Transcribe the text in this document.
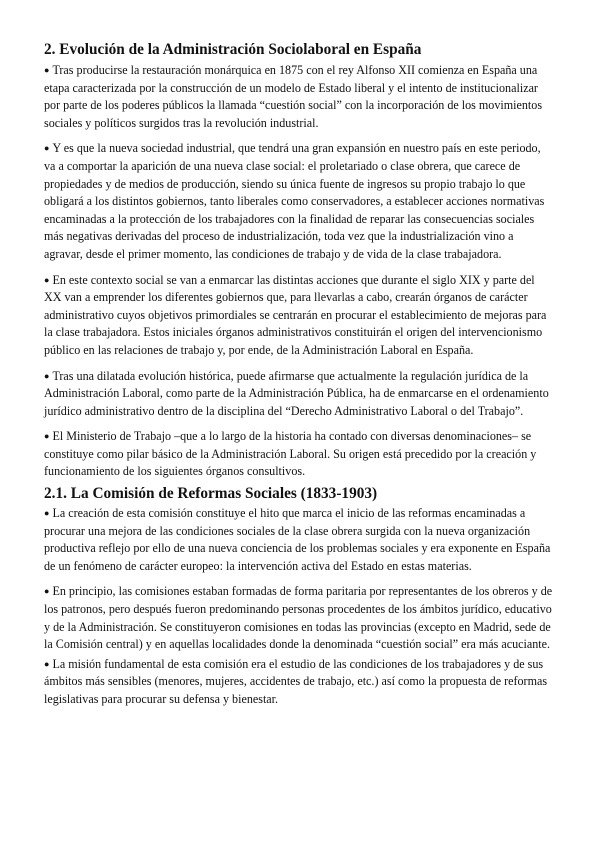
2. Evolución de la Administración Sociolaboral en España

● Tras producirse la restauración monárquica en 1875 con el rey Alfonso XII comienza en España una etapa caracterizada por la construcción de un modelo de Estado liberal y el intento de institucionalizar por parte de los poderes públicos la llamada “cuestión social” con la incorporación de los movimientos sociales y políticos surgidos tras la revolución industrial.

● Y es que la nueva sociedad industrial, que tendrá una gran expansión en nuestro país en este periodo, va a comportar la aparición de una nueva clase social: el proletariado o clase obrera, que carece de propiedades y de medios de producción, siendo su única fuente de ingresos su propio trabajo lo que obligará a los distintos gobiernos, tanto liberales como conservadores, a establecer acciones normativas encaminadas a la protección de los trabajadores con la finalidad de reparar las consecuencias sociales más negativas derivadas del proceso de industrialización, toda vez que la industrialización vino a agravar, desde el primer momento, las condiciones de trabajo y de vida de la clase trabajadora.

● En este contexto social se van a enmarcar las distintas acciones que durante el siglo XIX y parte del XX van a emprender los diferentes gobiernos que, para llevarlas a cabo, crearán órganos de carácter administrativo cuyos objetivos primordiales se centrarán en procurar el establecimiento de mejoras para la clase trabajadora. Estos iniciales órganos administrativos constituirán el origen del intervencionismo público en las relaciones de trabajo y, por ende, de la Administración Laboral en España.

● Tras una dilatada evolución histórica, puede afirmarse que actualmente la regulación jurídica de la Administración Laboral, como parte de la Administración Pública, ha de enmarcarse en el ordenamiento jurídico administrativo dentro de la disciplina del “Derecho Administrativo Laboral o del Trabajo”.

● El Ministerio de Trabajo –que a lo largo de la historia ha contado con diversas denominaciones– se constituye como pilar básico de la Administración Laboral. Su origen está precedido por la creación y funcionamiento de los siguientes órganos consultivos.

2.1. La Comisión de Reformas Sociales (1833-1903)

● La creación de esta comisión constituye el hito que marca el inicio de las reformas encaminadas a procurar una mejora de las condiciones sociales de la clase obrera surgida con la nueva organización productiva reflejo por ello de una nueva conciencia de los problemas sociales y era exponente en España de un fenómeno de carácter europeo: la intervención activa del Estado en estas materias.

● En principio, las comisiones estaban formadas de forma paritaria por representantes de los obreros y de los patronos, pero después fueron predominando personas procedentes de los ámbitos jurídico, educativo y de la Administración. Se constituyeron comisiones en todas las provincias (excepto en Madrid, sede de la Comisión central) y en aquellas localidades donde la denominada “cuestión social” era más acuciante.

● La misión fundamental de esta comisión era el estudio de las condiciones de los trabajadores y de sus ámbitos más sensibles (menores, mujeres, accidentes de trabajo, etc.) así como la propuesta de reformas legislativas para procurar su defensa y bienestar.
